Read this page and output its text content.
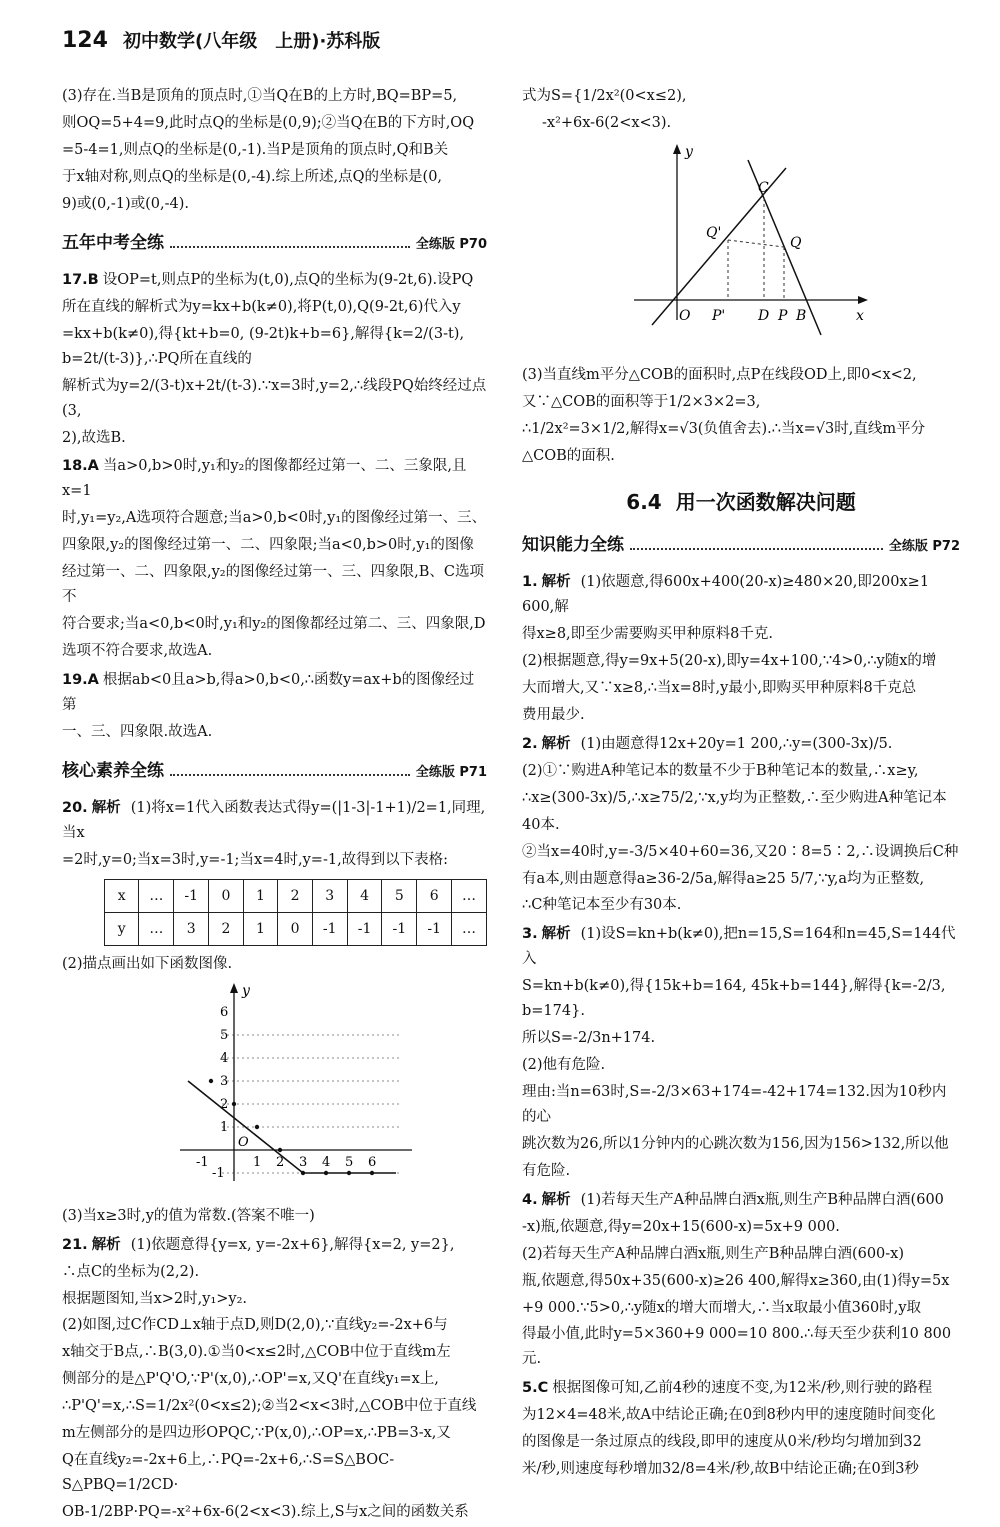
124 初中数学(八年级　上册)·苏科版

(3)存在.当B是顶角的顶点时,①当Q在B的上方时,BQ=BP=5,

则OQ=5+4=9,此时点Q的坐标是(0,9);②当Q在B的下方时,OQ

=5-4=1,则点Q的坐标是(0,-1).当P是顶角的顶点时,Q和B关

于x轴对称,则点Q的坐标是(0,-4).综上所述,点Q的坐标是(0,

9)或(0,-1)或(0,-4).

五年中考全练	全练版 P70

17.B 设OP=t,则点P的坐标为(t,0),点Q的坐标为(9-2t,6).设PQ

所在直线的解析式为y=kx+b(k≠0),将P(t,0),Q(9-2t,6)代入y

=kx+b(k≠0),得{kt+b=0, (9-2t)k+b=6},解得{k=2/(3-t), b=2t/(t-3)},∴PQ所在直线的

解析式为y=2/(3-t)x+2t/(t-3).∵x=3时,y=2,∴线段PQ始终经过点(3,

2),故选B.

18.A 当a>0,b>0时,y₁和y₂的图像都经过第一、二、三象限,且x=1

时,y₁=y₂,A选项符合题意;当a>0,b<0时,y₁的图像经过第一、三、

四象限,y₂的图像经过第一、二、四象限;当a<0,b>0时,y₁的图像

经过第一、二、四象限,y₂的图像经过第一、三、四象限,B、C选项不

符合要求;当a<0,b<0时,y₁和y₂的图像都经过第二、三、四象限,D

选项不符合要求,故选A.

19.A 根据ab<0且a>b,得a>0,b<0,∴函数y=ax+b的图像经过第

一、三、四象限.故选A.

核心素养全练	全练版 P71

20. 解析 (1)将x=1代入函数表达式得y=(|1-3|-1+1)/2=1,同理,当x

=2时,y=0;当x=3时,y=-1;当x=4时,y=-1,故得到以下表格:

x	…	-1	0	1	2	3	4	5	6	…
y	…	3	2	1	0	-1	-1	-1	-1	…

(2)描点画出如下函数图像.

y
O
-1	1 2 3 4 5 6
6
5
4
3
2
1
-1

(3)当x≥3时,y的值为常数.(答案不唯一)

21. 解析 (1)依题意得{y=x, y=-2x+6},解得{x=2, y=2},

∴点C的坐标为(2,2).

根据题图知,当x>2时,y₁>y₂.

(2)如图,过C作CD⊥x轴于点D,则D(2,0),∵直线y₂=-2x+6与

x轴交于B点,∴B(3,0).①当0<x≤2时,△COB中位于直线m左

侧部分的是△P'Q'O,∵P'(x,0),∴OP'=x,又Q'在直线y₁=x上,

∴P'Q'=x,∴S=1/2x²(0<x≤2);②当2<x<3时,△COB中位于直线

m左侧部分的是四边形OPQC,∵P(x,0),∴OP=x,∴PB=3-x,又

Q在直线y₂=-2x+6上,∴PQ=-2x+6,∴S=S△BOC-S△PBQ=1/2CD·

OB-1/2BP·PQ=-x²+6x-6(2<x<3).综上,S与x之间的函数关系

式为S={1/2x²(0<x≤2),

-x²+6x-6(2<x<3).

y
x
O
C
Q'
Q
P' D P B

(3)当直线m平分△COB的面积时,点P在线段OD上,即0<x<2,

又∵△COB的面积等于1/2×3×2=3,

∴1/2x²=3×1/2,解得x=√3(负值舍去).∴当x=√3时,直线m平分

△COB的面积.

6.4 用一次函数解决问题
知识能力全练	全练版 P72

1. 解析 (1)依题意,得600x+400(20-x)≥480×20,即200x≥1 600,解

得x≥8,即至少需要购买甲种原料8千克.

(2)根据题意,得y=9x+5(20-x),即y=4x+100,∵4>0,∴y随x的增

大而增大,又∵x≥8,∴当x=8时,y最小,即购买甲种原料8千克总

费用最少.

2. 解析 (1)由题意得12x+20y=1 200,∴y=(300-3x)/5.

(2)①∵购进A种笔记本的数量不少于B种笔记本的数量,∴x≥y,

∴x≥(300-3x)/5,∴x≥75/2,∵x,y均为正整数,∴至少购进A种笔记本

40本.

②当x=40时,y=-3/5×40+60=36,又20∶8=5∶2,∴设调换后C种

有a本,则由题意得a≥36-2/5a,解得a≥25 5/7,∵y,a均为正整数,

∴C种笔记本至少有30本.

3. 解析 (1)设S=kn+b(k≠0),把n=15,S=164和n=45,S=144代入

S=kn+b(k≠0),得{15k+b=164, 45k+b=144},解得{k=-2/3, b=174}.

所以S=-2/3n+174.

(2)他有危险.

理由:当n=63时,S=-2/3×63+174=-42+174=132.因为10秒内的心

跳次数为26,所以1分钟内的心跳次数为156,因为156>132,所以他

有危险.

4. 解析 (1)若每天生产A种品牌白酒x瓶,则生产B种品牌白酒(600

-x)瓶,依题意,得y=20x+15(600-x)=5x+9 000.

(2)若每天生产A种品牌白酒x瓶,则生产B种品牌白酒(600-x)

瓶,依题意,得50x+35(600-x)≥26 400,解得x≥360,由(1)得y=5x

+9 000.∵5>0,∴y随x的增大而增大,∴当x取最小值360时,y取

得最小值,此时y=5×360+9 000=10 800.∴每天至少获利10 800元.

5.C 根据图像可知,乙前4秒的速度不变,为12米/秒,则行驶的路程

为12×4=48米,故A中结论正确;在0到8秒内甲的速度随时间变化

的图像是一条过原点的线段,即甲的速度从0米/秒均匀增加到32

米/秒,则速度每秒增加32/8=4米/秒,故B中结论正确;在0到3秒
